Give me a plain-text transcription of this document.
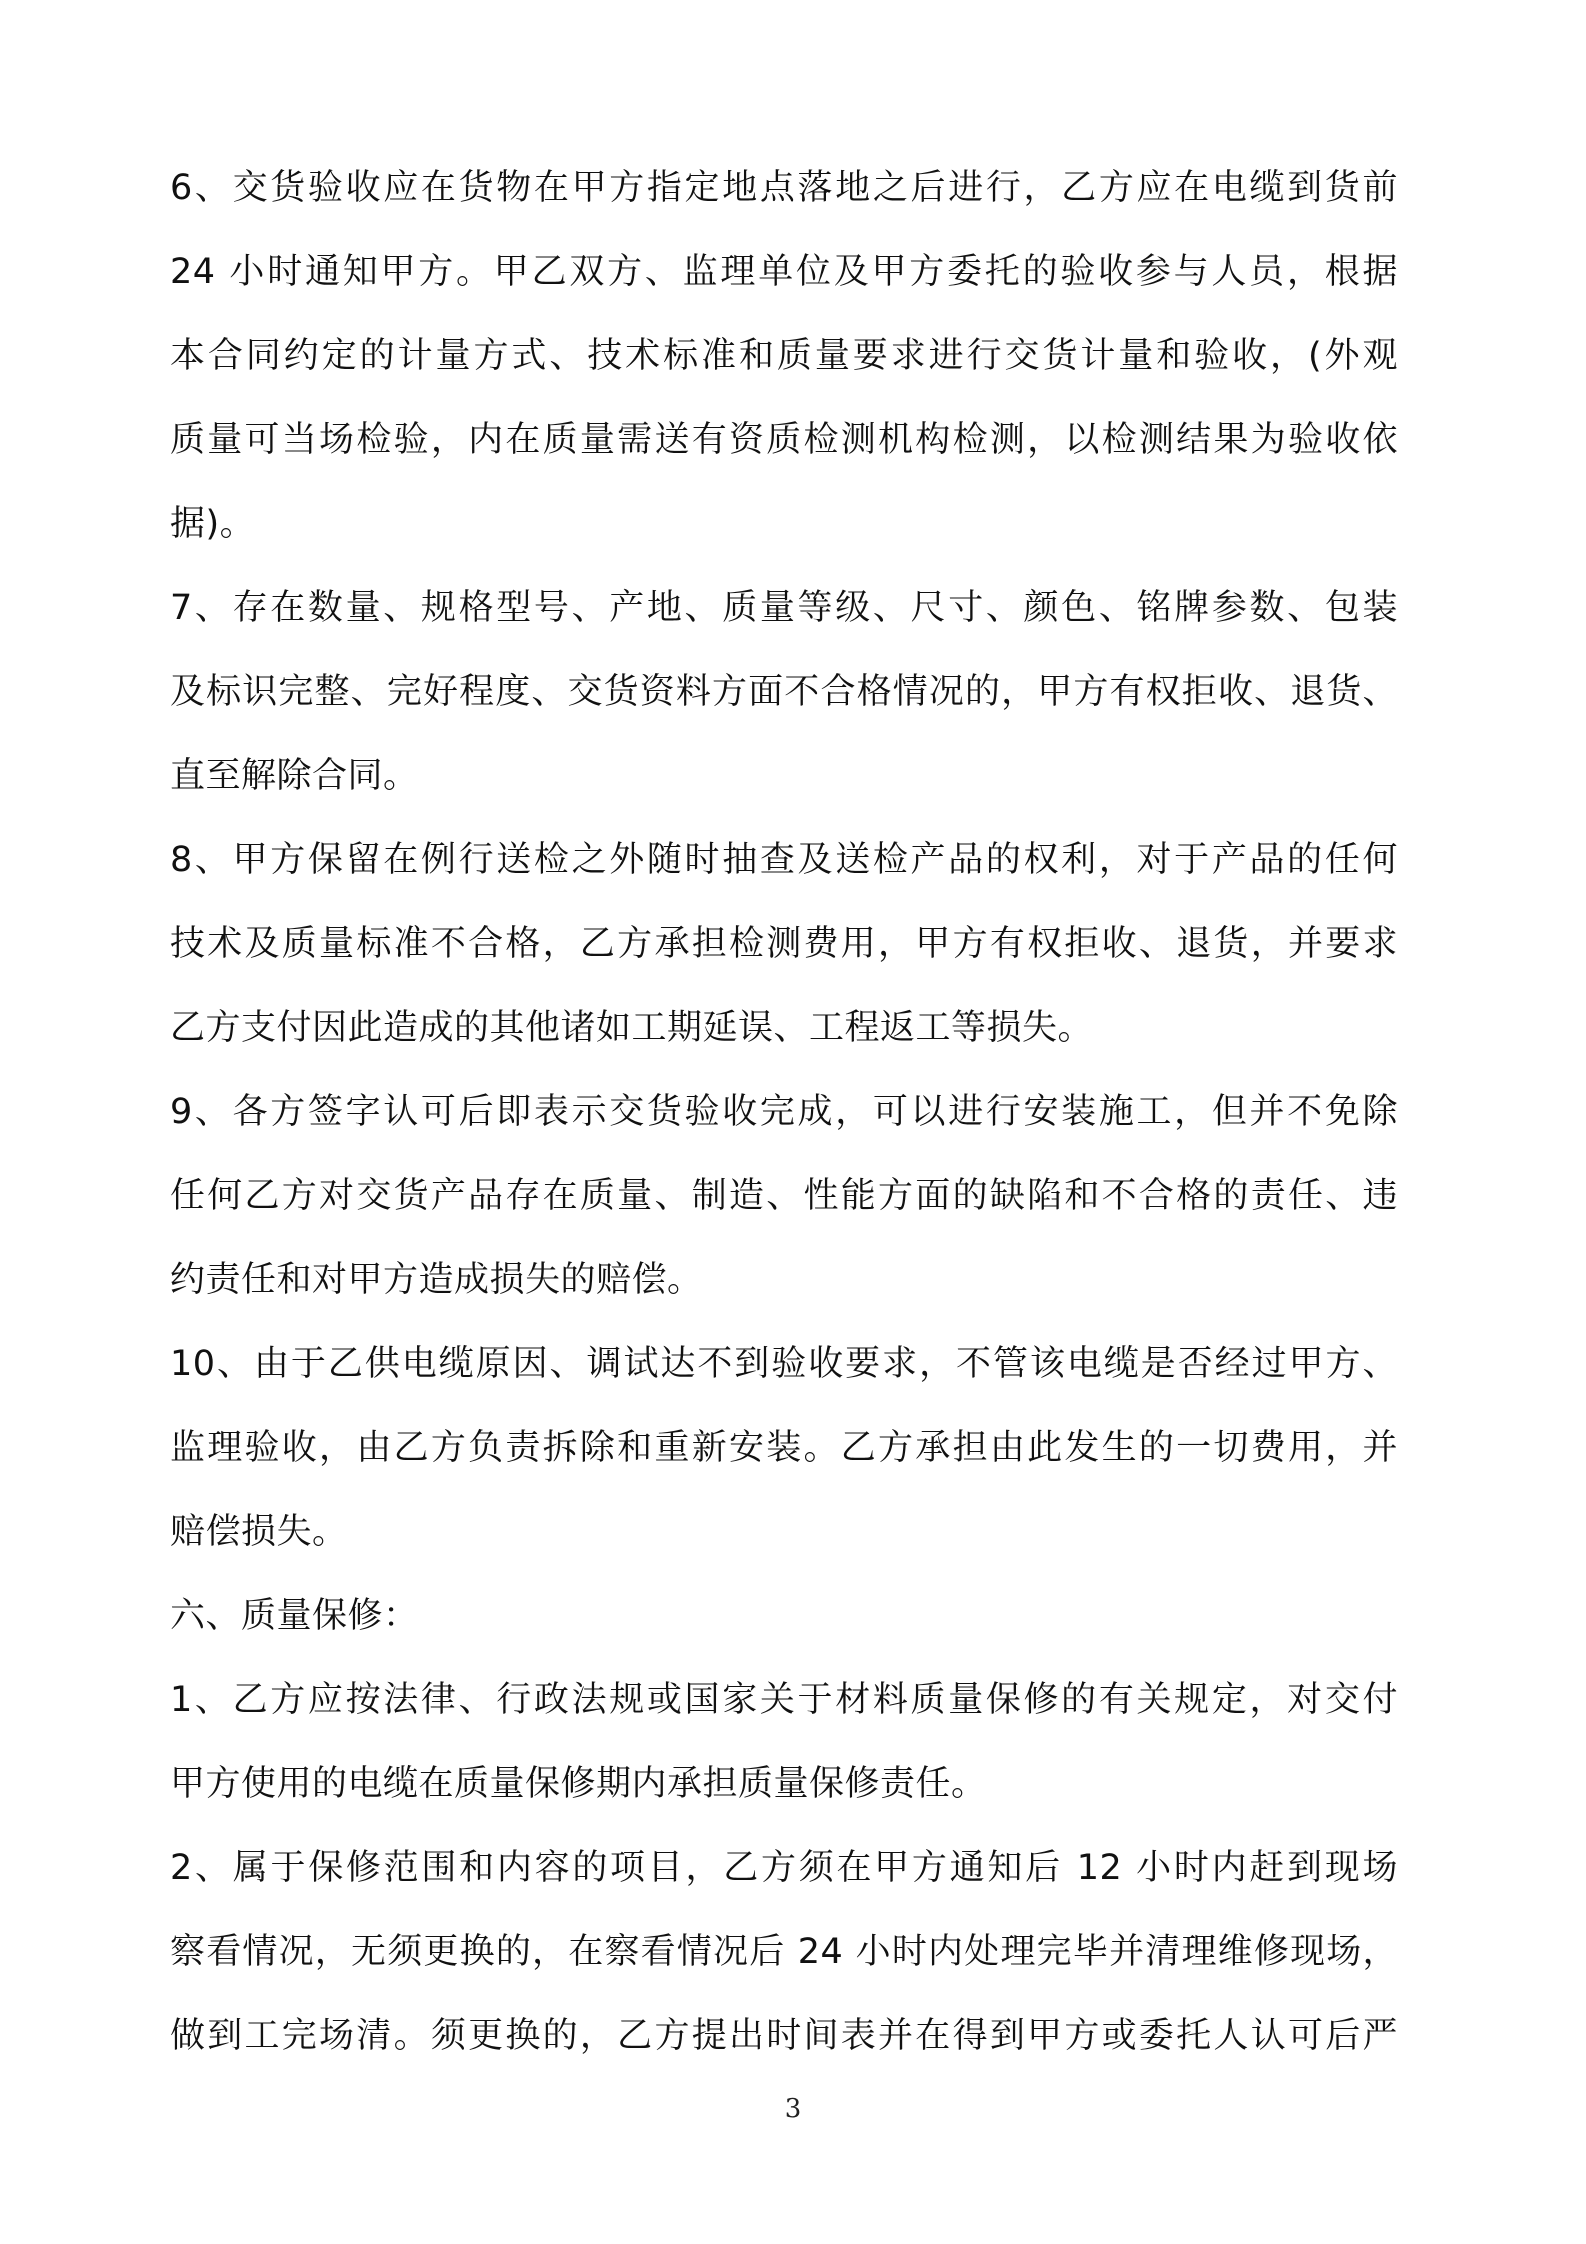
6、交货验收应在货物在甲方指定地点落地之后进行，乙方应在电缆到货前
24 小时通知甲方。甲乙双方、监理单位及甲方委托的验收参与人员，根据
本合同约定的计量方式、技术标准和质量要求进行交货计量和验收，(外观
质量可当场检验，内在质量需送有资质检测机构检测，以检测结果为验收依
据)。
7、存在数量、规格型号、产地、质量等级、尺寸、颜色、铭牌参数、包装
及标识完整、完好程度、交货资料方面不合格情况的，甲方有权拒收、退货、
直至解除合同。
8、甲方保留在例行送检之外随时抽查及送检产品的权利，对于产品的任何
技术及质量标准不合格，乙方承担检测费用，甲方有权拒收、退货，并要求
乙方支付因此造成的其他诸如工期延误、工程返工等损失。
9、各方签字认可后即表示交货验收完成，可以进行安装施工，但并不免除
任何乙方对交货产品存在质量、制造、性能方面的缺陷和不合格的责任、违
约责任和对甲方造成损失的赔偿。
10、由于乙供电缆原因、调试达不到验收要求，不管该电缆是否经过甲方、
监理验收，由乙方负责拆除和重新安装。乙方承担由此发生的一切费用，并
赔偿损失。
六、质量保修：
1、乙方应按法律、行政法规或国家关于材料质量保修的有关规定，对交付
甲方使用的电缆在质量保修期内承担质量保修责任。
2、属于保修范围和内容的项目，乙方须在甲方通知后 12 小时内赶到现场
察看情况，无须更换的，在察看情况后 24 小时内处理完毕并清理维修现场，
做到工完场清。须更换的，乙方提出时间表并在得到甲方或委托人认可后严
3
